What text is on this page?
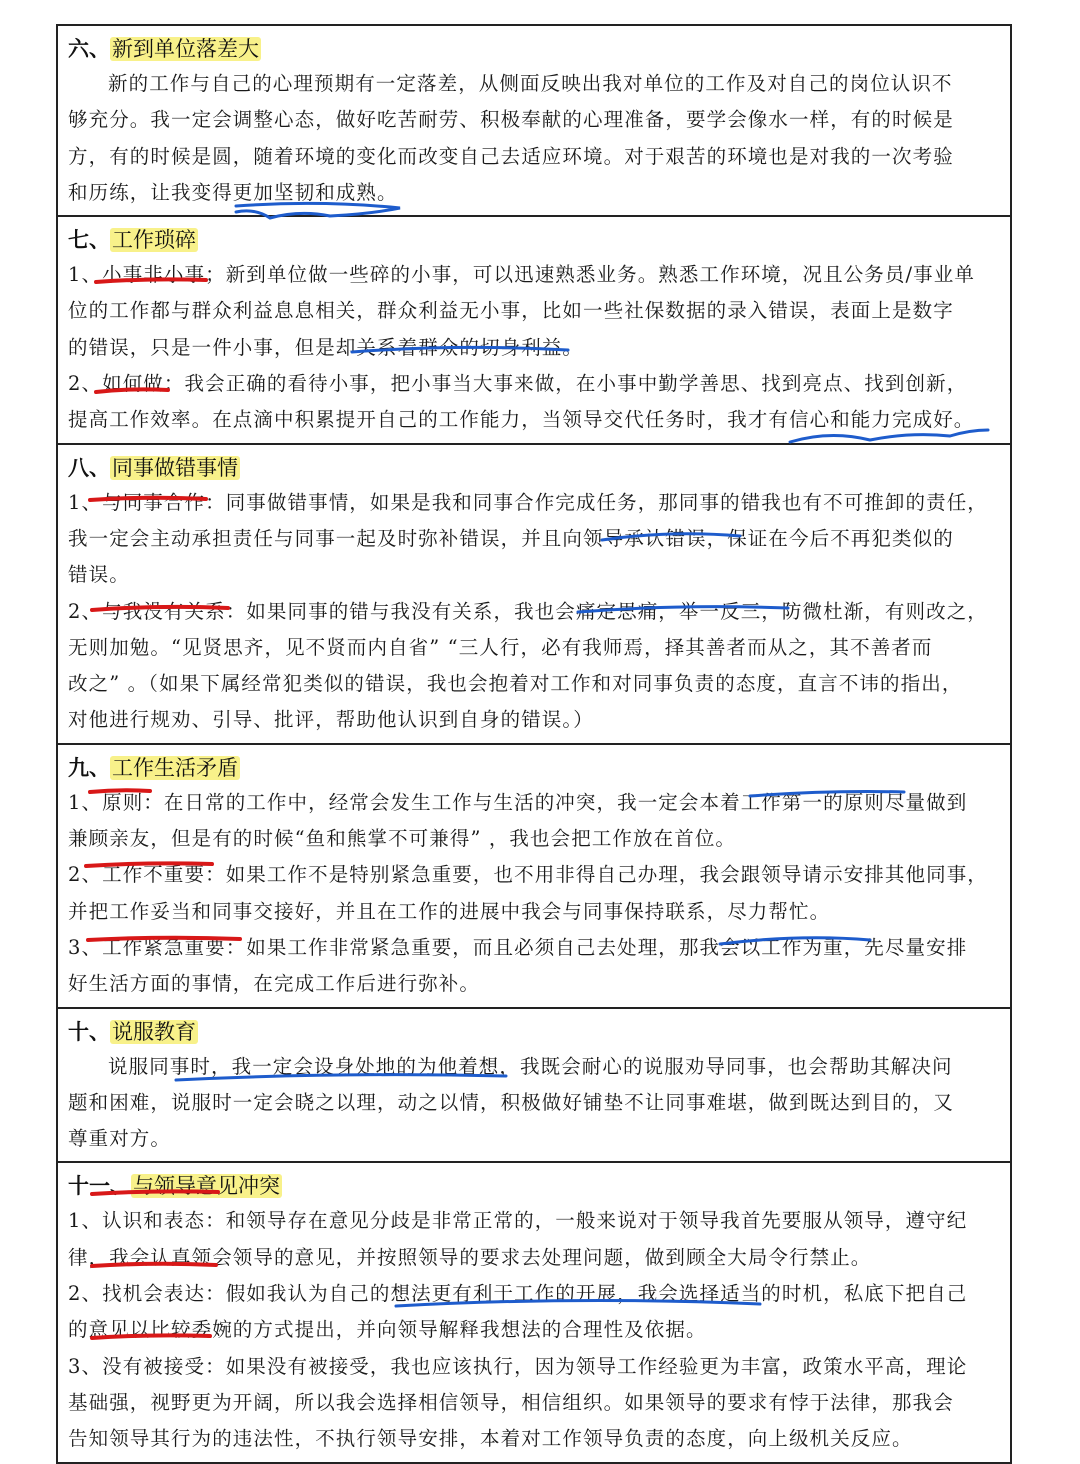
六、新到单位落差大
新的工作与自己的心理预期有一定落差，从侧面反映出我对单位的工作及对自己的岗位认识不
够充分。我一定会调整心态，做好吃苦耐劳、积极奉献的心理准备，要学会像水一样，有的时候是
方，有的时候是圆，随着环境的变化而改变自己去适应环境。对于艰苦的环境也是对我的一次考验
和历练，让我变得更加坚韧和成熟。
七、工作琐碎
1、小事非小事；新到单位做一些碎的小事，可以迅速熟悉业务。熟悉工作环境，况且公务员/事业单
位的工作都与群众利益息息相关，群众利益无小事，比如一些社保数据的录入错误，表面上是数字
的错误，只是一件小事，但是却关系着群众的切身利益。
2、如何做：我会正确的看待小事，把小事当大事来做，在小事中勤学善思、找到亮点、找到创新，
提高工作效率。在点滴中积累提开自己的工作能力，当领导交代任务时，我才有信心和能力完成好。
八、同事做错事情
1、与同事合作：同事做错事情，如果是我和同事合作完成任务，那同事的错我也有不可推卸的责任，
我一定会主动承担责任与同事一起及时弥补错误，并且向领导承认错误，保证在今后不再犯类似的
错误。
2、与我没有关系：如果同事的错与我没有关系，我也会痛定思痛，举一反三，防微杜渐，有则改之，
无则加勉。“见贤思齐，见不贤而内自省” “三人行，必有我师焉，择其善者而从之，其不善者而
改之” 。（如果下属经常犯类似的错误，我也会抱着对工作和对同事负责的态度，直言不讳的指出，
对他进行规劝、引导、批评，帮助他认识到自身的错误。）
九、工作生活矛盾
1、原则：在日常的工作中，经常会发生工作与生活的冲突，我一定会本着工作第一的原则尽量做到
兼顾亲友，但是有的时候“鱼和熊掌不可兼得” ，我也会把工作放在首位。
2、工作不重要：如果工作不是特别紧急重要，也不用非得自己办理，我会跟领导请示安排其他同事，
并把工作妥当和同事交接好，并且在工作的进展中我会与同事保持联系，尽力帮忙。
3、工作紧急重要：如果工作非常紧急重要，而且必须自己去处理，那我会以工作为重，先尽量安排
好生活方面的事情，在完成工作后进行弥补。
十、说服教育
说服同事时，我一定会设身处地的为他着想，我既会耐心的说服劝导同事，也会帮助其解决问
题和困难，说服时一定会晓之以理，动之以情，积极做好铺垫不让同事难堪，做到既达到目的，又
尊重对方。
十一、与领导意见冲突
1、认识和表态：和领导存在意见分歧是非常正常的，一般来说对于领导我首先要服从领导，遵守纪
律，我会认真领会领导的意见，并按照领导的要求去处理问题，做到顾全大局令行禁止。
2、找机会表达：假如我认为自己的想法更有利于工作的开展，我会选择适当的时机，私底下把自己
的意见以比较委婉的方式提出，并向领导解释我想法的合理性及依据。
3、没有被接受：如果没有被接受，我也应该执行，因为领导工作经验更为丰富，政策水平高，理论
基础强，视野更为开阔，所以我会选择相信领导，相信组织。如果领导的要求有悖于法律，那我会
告知领导其行为的违法性，不执行领导安排，本着对工作领导负责的态度，向上级机关反应。
